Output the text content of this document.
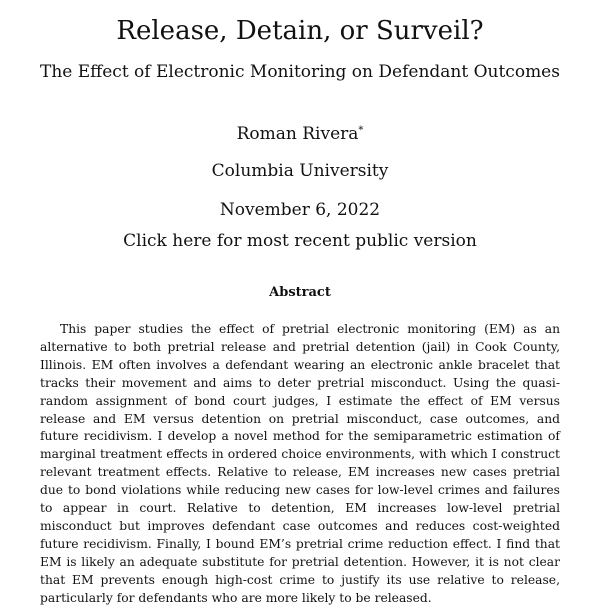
Release, Detain, or Surveil?
The Effect of Electronic Monitoring on Defendant Outcomes
Roman Rivera*
Columbia University
November 6, 2022
Click here for most recent public version
Abstract

This paper studies the effect of pretrial electronic monitoring (EM) as an alternative to both pretrial release and pretrial detention (jail) in Cook County, Illinois. EM often involves a defendant wearing an electronic ankle bracelet that tracks their movement and aims to deter pretrial misconduct. Using the quasi-random assignment of bond court judges, I estimate the effect of EM versus release and EM versus detention on pretrial misconduct, case outcomes, and future recidivism. I develop a novel method for the semiparametric estimation of marginal treatment effects in ordered choice environments, with which I construct relevant treatment effects. Relative to release, EM increases new cases pretrial due to bond violations while reducing new cases for low-level crimes and failures to appear in court. Relative to detention, EM increases low-level pretrial misconduct but improves defendant case outcomes and reduces cost-weighted future recidivism. Finally, I bound EM’s pretrial crime reduction effect. I find that EM is likely an adequate substitute for pretrial detention. However, it is not clear that EM prevents enough high-cost crime to justify its use relative to release, particularly for defendants who are more likely to be released.
